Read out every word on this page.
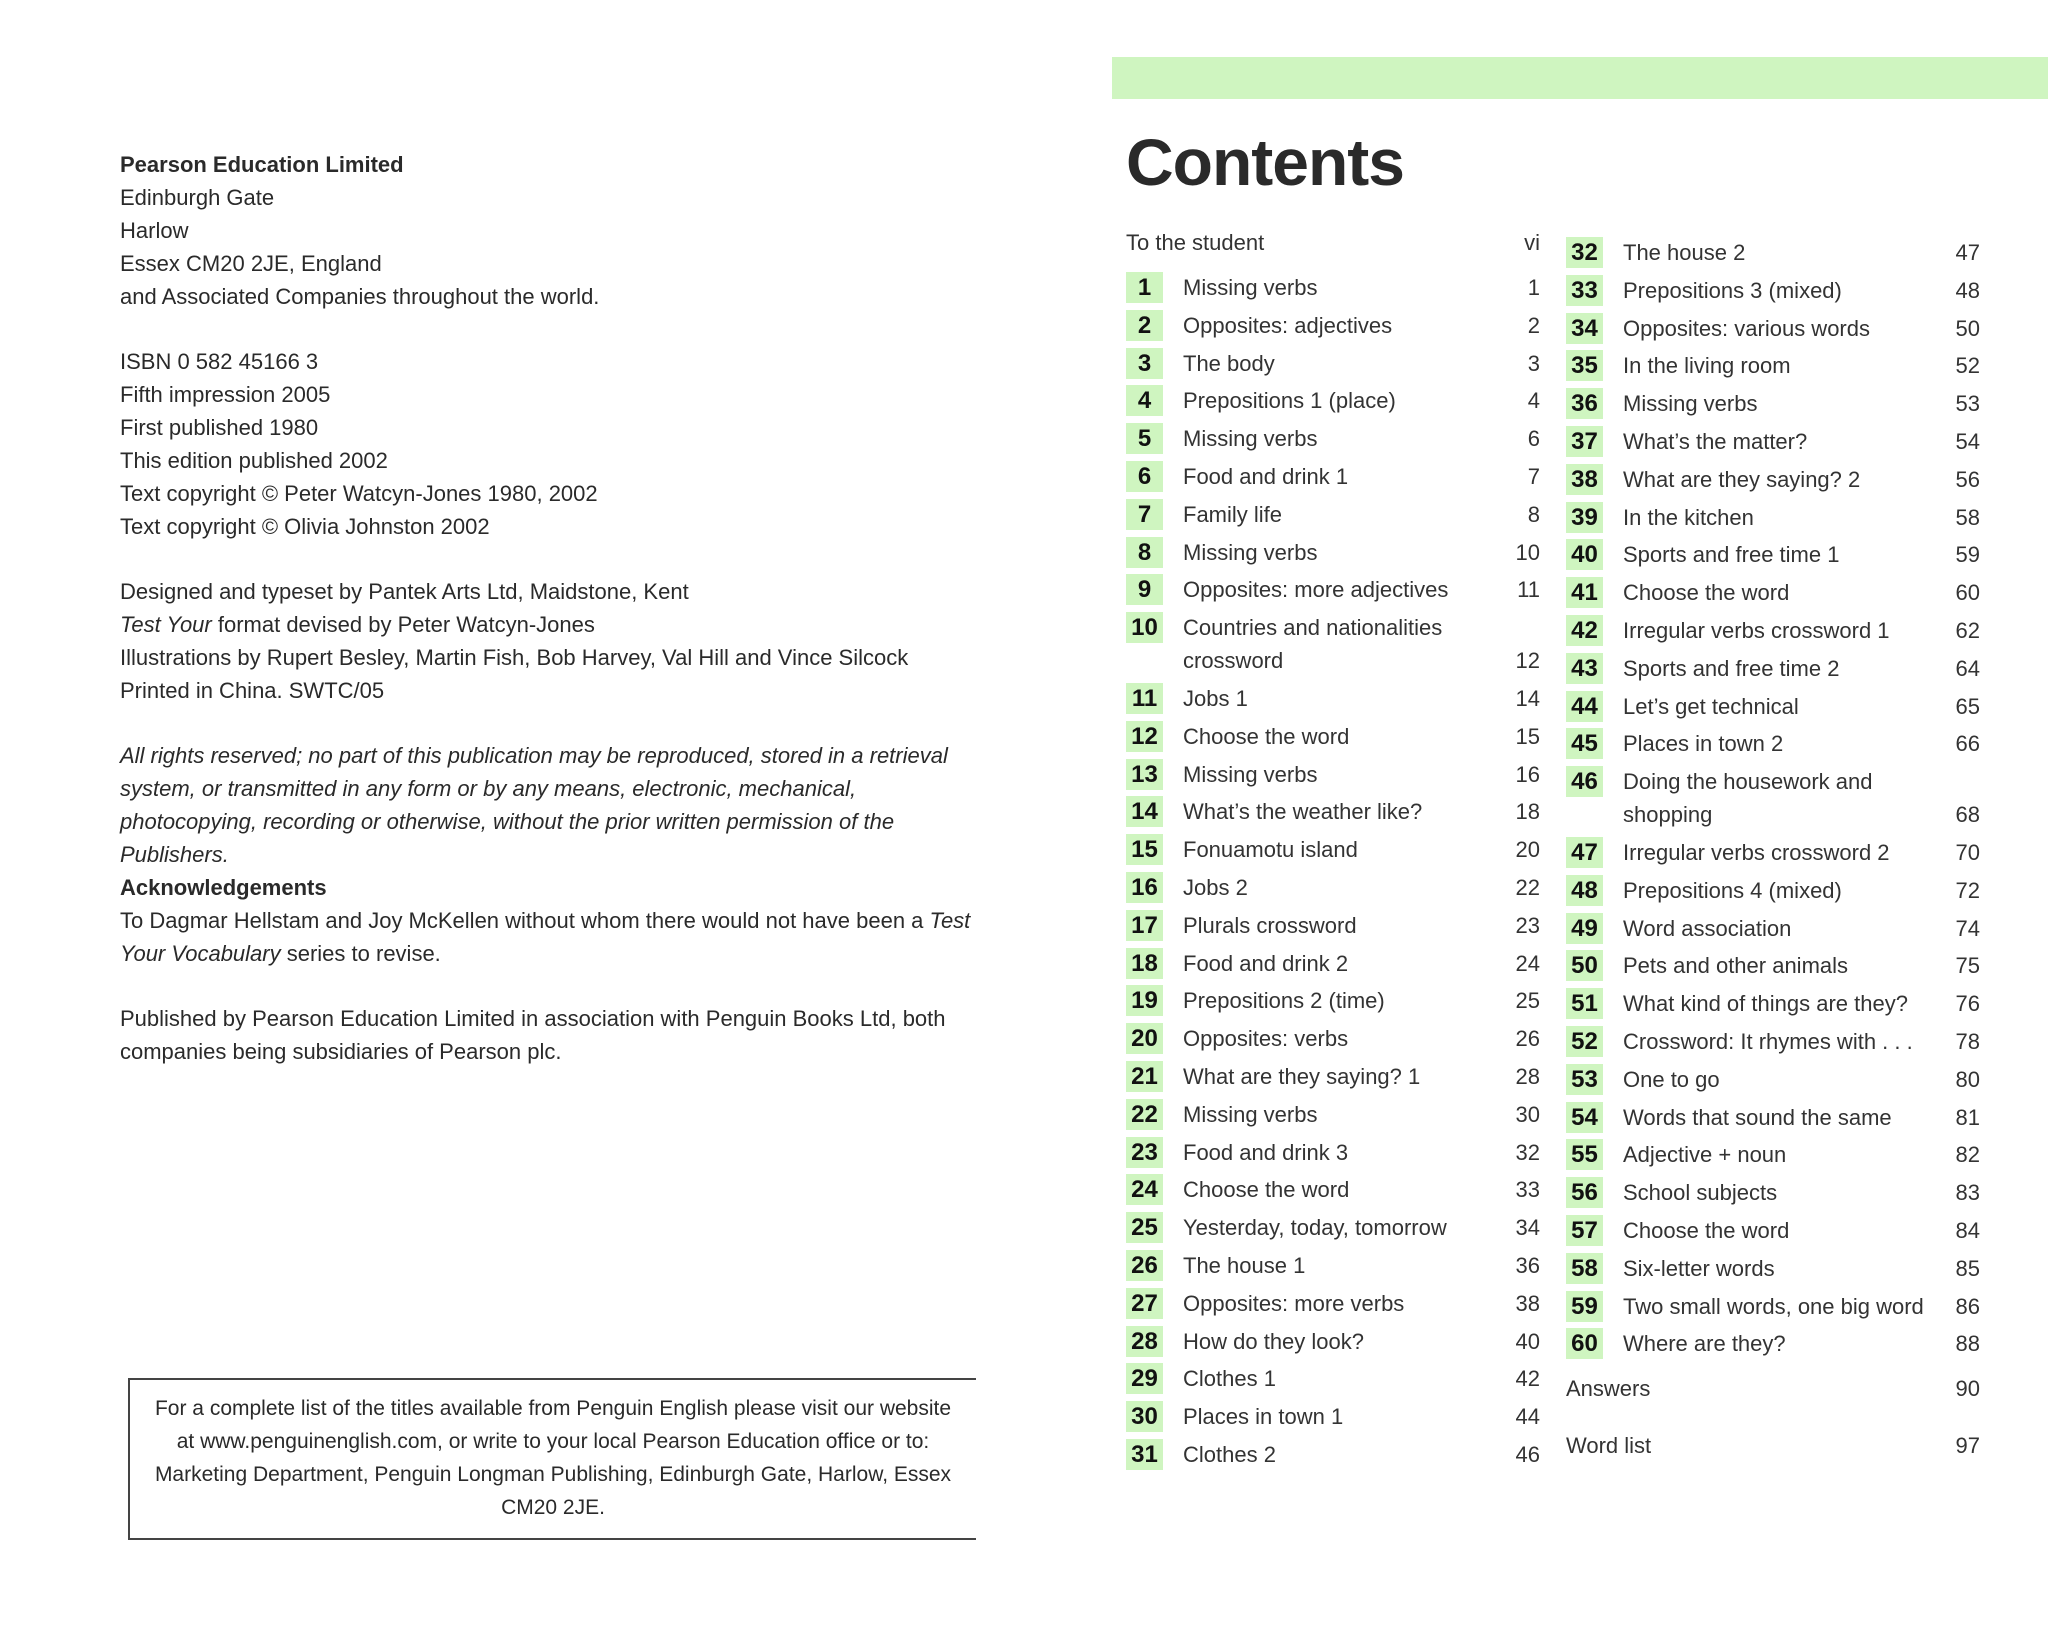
Pearson Education Limited

Edinburgh Gate

Harlow

Essex CM20 2JE, England

and Associated Companies throughout the world.

ISBN 0 582 45166 3

Fifth impression 2005

First published 1980

This edition published 2002

Text copyright © Peter Watcyn-Jones 1980, 2002

Text copyright © Olivia Johnston 2002

Designed and typeset by Pantek Arts Ltd, Maidstone, Kent

Test Your format devised by Peter Watcyn-Jones

Illustrations by Rupert Besley, Martin Fish, Bob Harvey, Val Hill and Vince Silcock

Printed in China. SWTC/05

All rights reserved; no part of this publication may be reproduced, stored in a retrieval system, or transmitted in any form or by any means, electronic, mechanical, photocopying, recording or otherwise, without the prior written permission of the Publishers.

Acknowledgements

To Dagmar Hellstam and Joy McKellen without whom there would not have been a Test Your Vocabulary series to revise.

Published by Pearson Education Limited in association with Penguin Books Ltd, both companies being subsidiaries of Pearson plc.

For a complete list of the titles available from Penguin English please visit our website at www.penguinenglish.com, or write to your local Pearson Education office or to: Marketing Department, Penguin Longman Publishing, Edinburgh Gate, Harlow, Essex CM20 2JE.
Contents
To the student	vi
1	Missing verbs	1
2	Opposites: adjectives	2
3	The body	3
4	Prepositions 1 (place)	4
5	Missing verbs	6
6	Food and drink 1	7
7	Family life	8
8	Missing verbs	10
9	Opposites: more adjectives	11
10 Countries and nationalities crossword	12
11 Jobs 1	14
12 Choose the word	15
13 Missing verbs	16
14 What’s the weather like?	18
15 Fonuamotu island	20
16 Jobs 2	22
17 Plurals crossword	23
18 Food and drink 2	24
19 Prepositions 2 (time)	25
20 Opposites: verbs	26
21 What are they saying? 1	28
22 Missing verbs	30
23 Food and drink 3	32
24 Choose the word	33
25 Yesterday, today, tomorrow	34
26 The house 1	36
27 Opposites: more verbs	38
28 How do they look?	40
29 Clothes 1	42
30 Places in town 1	44
31 Clothes 2	46
32 The house 2	47
33 Prepositions 3 (mixed)	48
34 Opposites: various words	50
35 In the living room	52
36 Missing verbs	53
37 What’s the matter?	54
38 What are they saying? 2	56
39 In the kitchen	58
40 Sports and free time 1	59
41 Choose the word	60
42 Irregular verbs crossword 1	62
43 Sports and free time 2	64
44 Let’s get technical	65
45 Places in town 2	66
46 Doing the housework and shopping	68
47 Irregular verbs crossword 2	70
48 Prepositions 4 (mixed)	72
49 Word association	74
50 Pets and other animals	75
51 What kind of things are they?	76
52 Crossword: It rhymes with . . .	78
53 One to go	80
54 Words that sound the same	81
55 Adjective + noun	82
56 School subjects	83
57 Choose the word	84
58 Six-letter words	85
59 Two small words, one big word	86
60 Where are they?	88
Answers	90
Word list	97
